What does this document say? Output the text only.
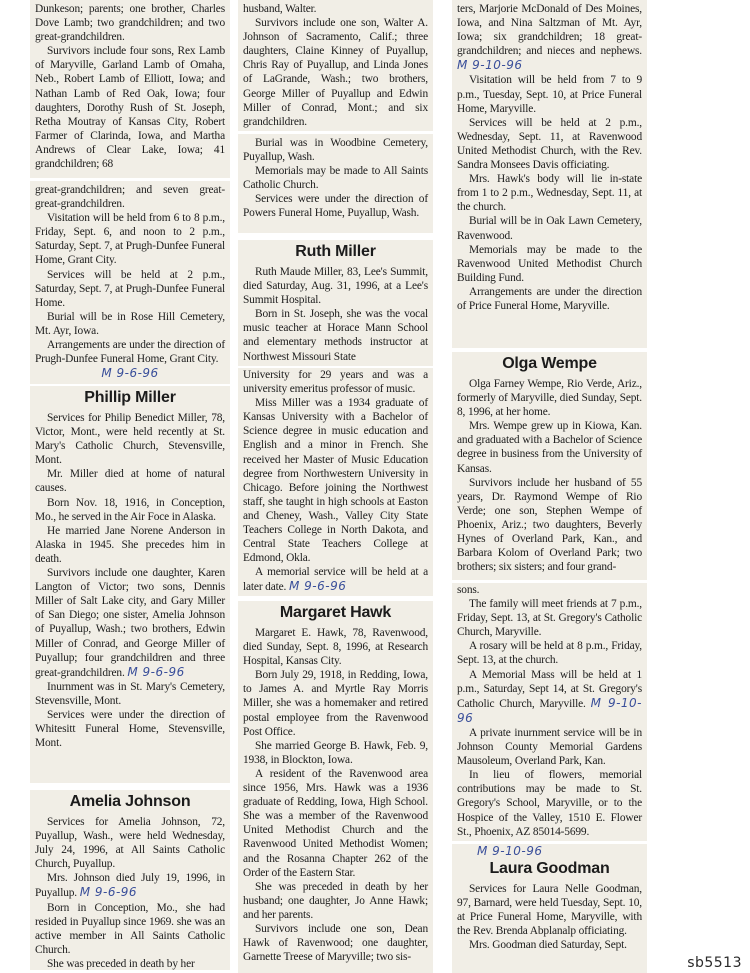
Dunkeson; parents; one brother, Charles Dove Lamb; two grandchildren; and two great-grandchildren.

Survivors include four sons, Rex Lamb of Maryville, Garland Lamb of Omaha, Neb., Robert Lamb of Elliott, Iowa; and Nathan Lamb of Red Oak, Iowa; four daughters, Dorothy Rush of St. Joseph, Retha Moutray of Kansas City, Robert Farmer of Clarinda, Iowa, and Martha Andrews of Clear Lake, Iowa; 41 grandchildren; 68

great-grandchildren; and seven great-great-grandchildren.

Visitation will be held from 6 to 8 p.m., Friday, Sept. 6, and noon to 2 p.m., Saturday, Sept. 7, at Prugh-Dunfee Funeral Home, Grant City.

Services will be held at 2 p.m., Saturday, Sept. 7, at Prugh-Dunfee Funeral Home.

Burial will be in Rose Hill Cemetery, Mt. Ayr, Iowa.

Arrangements are under the direction of Prugh-Dunfee Funeral Home, Grant City.

M 9-6-96
Phillip Miller

Services for Philip Benedict Miller, 78, Victor, Mont., were held recently at St. Mary's Catholic Church, Stevensville, Mont.

Mr. Miller died at home of natural causes.

Born Nov. 18, 1916, in Conception, Mo., he served in the Air Foce in Alaska.

He married Jane Norene Anderson in Alaska in 1945. She precedes him in death.

Survivors include one daughter, Karen Langton of Victor; two sons, Dennis Miller of Salt Lake city, and Gary Miller of San Diego; one sister, Amelia Johnson of Puyallup, Wash.; two brothers, Edwin Miller of Conrad, and George Miller of Puyallup; four grandchildren and three great-grandchildren. M 9-6-96

Inurnment was in St. Mary's Cemetery, Stevensville, Mont.

Services were under the direction of Whitesitt Funeral Home, Stevensville, Mont.

Amelia Johnson

Services for Amelia Johnson, 72, Puyallup, Wash., were held Wednesday, July 24, 1996, at All Saints Catholic Church, Puyallup.

Mrs. Johnson died July 19, 1996, in Puyallup. M 9-6-96

Born in Conception, Mo., she had resided in Puyallup since 1969. she was an active member in All Saints Catholic Church.

She was preceded in death by her

husband, Walter.

Survivors include one son, Walter A. Johnson of Sacramento, Calif.; three daughters, Claine Kinney of Puyallup, Chris Ray of Puyallup, and Linda Jones of LaGrande, Wash.; two brothers, George Miller of Puyallup and Edwin Miller of Conrad, Mont.; and six grandchildren.

Burial was in Woodbine Cemetery, Puyallup, Wash.

Memorials may be made to All Saints Catholic Church.

Services were under the direction of Powers Funeral Home, Puyallup, Wash.

Ruth Miller

Ruth Maude Miller, 83, Lee's Summit, died Saturday, Aug. 31, 1996, at a Lee's Summit Hospital.

Born in St. Joseph, she was the vocal music teacher at Horace Mann School and elementary methods instructor at Northwest Missouri State

University for 29 years and was a university emeritus professor of music.

Miss Miller was a 1934 graduate of Kansas University with a Bachelor of Science degree in music education and English and a minor in French. She received her Master of Music Education degree from Northwestern University in Chicago. Before joining the Northwest staff, she taught in high schools at Easton and Cheney, Wash., Valley City State Teachers College in North Dakota, and Central State Teachers College at Edmond, Okla.

A memorial service will be held at a later date. M 9-6-96

Margaret Hawk

Margaret E. Hawk, 78, Ravenwood, died Sunday, Sept. 8, 1996, at Research Hospital, Kansas City.

Born July 29, 1918, in Redding, Iowa, to James A. and Myrtle Ray Morris Miller, she was a homemaker and retired postal employee from the Ravenwood Post Office.

She married George B. Hawk, Feb. 9, 1938, in Blockton, Iowa.

A resident of the Ravenwood area since 1956, Mrs. Hawk was a 1936 graduate of Redding, Iowa, High School. She was a member of the Ravenwood United Methodist Church and the Ravenwood United Methodist Women; and the Rosanna Chapter 262 of the Order of the Eastern Star.

She was preceded in death by her husband; one daughter, Jo Anne Hawk; and her parents.

Survivors include one son, Dean Hawk of Ravenwood; one daughter, Garnette Treese of Maryville; two sis-

ters, Marjorie McDonald of Des Moines, Iowa, and Nina Saltzman of Mt. Ayr, Iowa; six grandchildren; 18 great-grandchildren; and nieces and nephews. M 9-10-96

Visitation will be held from 7 to 9 p.m., Tuesday, Sept. 10, at Price Funeral Home, Maryville.

Services will be held at 2 p.m., Wednesday, Sept. 11, at Ravenwood United Methodist Church, with the Rev. Sandra Monsees Davis officiating.

Mrs. Hawk's body will lie in-state from 1 to 2 p.m., Wednesday, Sept. 11, at the church.

Burial will be in Oak Lawn Cemetery, Ravenwood.

Memorials may be made to the Ravenwood United Methodist Church Building Fund.

Arrangements are under the direction of Price Funeral Home, Maryville.

Olga Wempe

Olga Farney Wempe, Rio Verde, Ariz., formerly of Maryville, died Sunday, Sept. 8, 1996, at her home.

Mrs. Wempe grew up in Kiowa, Kan. and graduated with a Bachelor of Science degree in business from the University of Kansas.

Survivors include her husband of 55 years, Dr. Raymond Wempe of Rio Verde; one son, Stephen Wempe of Phoenix, Ariz.; two daughters, Beverly Hynes of Overland Park, Kan., and Barbara Kolom of Overland Park; two brothers; six sisters; and four grand-

sons.

The family will meet friends at 7 p.m., Friday, Sept. 13, at St. Gregory's Catholic Church, Maryville.

A rosary will be held at 8 p.m., Friday, Sept. 13, at the church.

A Memorial Mass will be held at 1 p.m., Saturday, Sept 14, at St. Gregory's Catholic Church, Maryville. M 9-10-96

A private inurnment service will be in Johnson County Memorial Gardens Mausoleum, Overland Park, Kan.

In lieu of flowers, memorial contributions may be made to St. Gregory's School, Maryville, or to the Hospice of the Valley, 1510 E. Flower St., Phoenix, AZ 85014-5699.

M 9-10-96
Laura Goodman

Services for Laura Nelle Goodman, 97, Barnard, were held Tuesday, Sept. 10, at Price Funeral Home, Maryville, with the Rev. Brenda Abplanalp officiating.

Mrs. Goodman died Saturday, Sept.

sb5513
